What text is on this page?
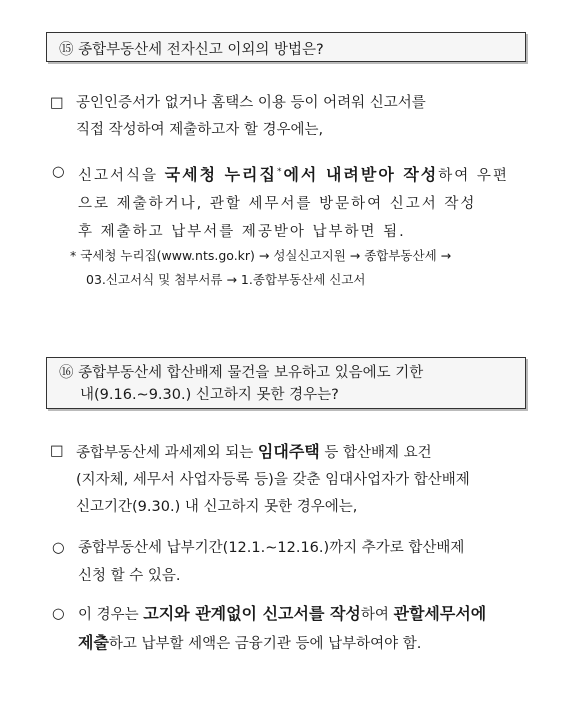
⑮ 종합부동산세 전자신고 이외의 방법은?
□ 공인인증서가 없거나 홈택스 이용 등이 어려워 신고서를
직접 작성하여 제출하고자 할 경우에는,
○ 신고서식을 국세청 누리집*에서 내려받아 작성하여 우편
으로 제출하거나, 관할 세무서를 방문하여 신고서 작성
후 제출하고 납부서를 제공받아 납부하면 됨.
* 국세청 누리집(www.nts.go.kr) → 성실신고지원 → 종합부동산세 →
03.신고서식 및 첨부서류 → 1.종합부동산세 신고서
⑯ 종합부동산세 합산배제 물건을 보유하고 있음에도 기한
내(9.16.∼9.30.) 신고하지 못한 경우는?
□ 종합부동산세 과세제외 되는 임대주택 등 합산배제 요건
(지자체, 세무서 사업자등록 등)을 갖춘 임대사업자가 합산배제
신고기간(9.30.) 내 신고하지 못한 경우에는,
○ 종합부동산세 납부기간(12.1.∼12.16.)까지 추가로 합산배제
신청 할 수 있음.
○ 이 경우는 고지와 관계없이 신고서를 작성하여 관할세무서에
제출하고 납부할 세액은 금융기관 등에 납부하여야 함.
